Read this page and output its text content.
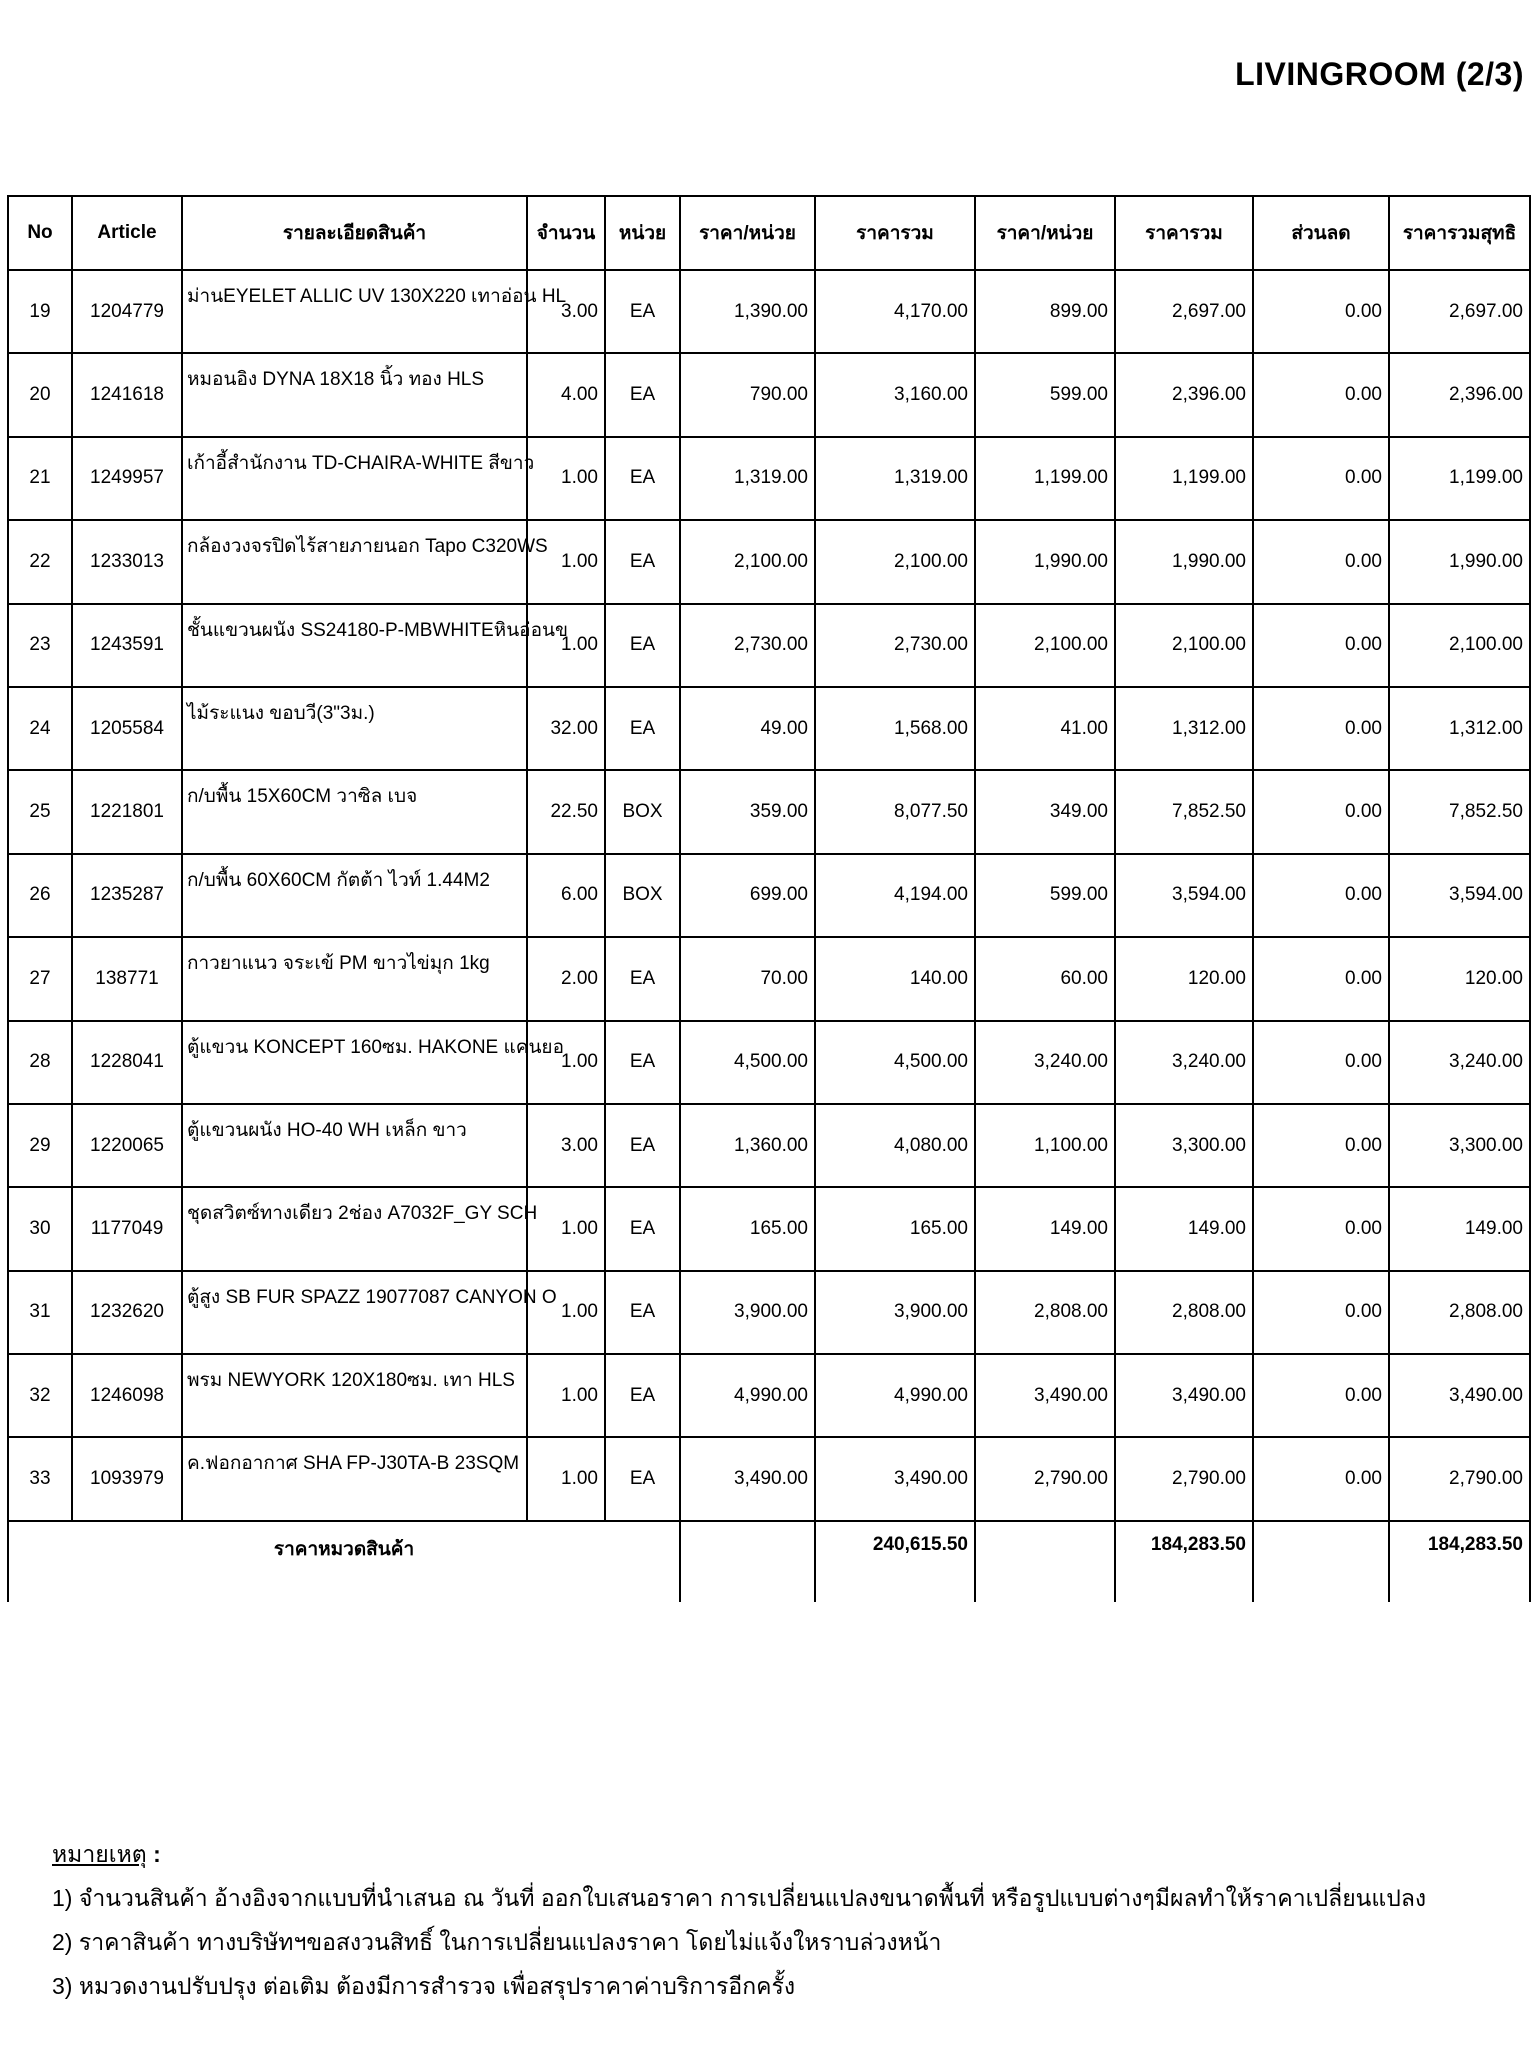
LIVINGROOM (2/3)
No	Article	รายละเอียดสินค้า	จำนวน	หน่วย	ราคา/หน่วย	ราคารวม	ราคา/หน่วย	ราคารวม	ส่วนลด	ราคารวมสุทธิ
19	1204779	ม่านEYELET ALLIC UV 130X220 เทาอ่อน HL	3.00	EA	1,390.00	4,170.00	899.00	2,697.00	0.00	2,697.00
20	1241618	หมอนอิง DYNA 18X18 นิ้ว ทอง HLS	4.00	EA	790.00	3,160.00	599.00	2,396.00	0.00	2,396.00
21	1249957	เก้าอี้สำนักงาน TD-CHAIRA-WHITE สีขาว	1.00	EA	1,319.00	1,319.00	1,199.00	1,199.00	0.00	1,199.00
22	1233013	กล้องวงจรปิดไร้สายภายนอก Tapo C320WS	1.00	EA	2,100.00	2,100.00	1,990.00	1,990.00	0.00	1,990.00
23	1243591	ชั้นแขวนผนัง SS24180-P-MBWHITEหินอ่อนข	1.00	EA	2,730.00	2,730.00	2,100.00	2,100.00	0.00	2,100.00
24	1205584	ไม้ระแนง ขอบวี(3"3ม.)	32.00	EA	49.00	1,568.00	41.00	1,312.00	0.00	1,312.00
25	1221801	ก/บพื้น 15X60CM วาซิล เบจ	22.50	BOX	359.00	8,077.50	349.00	7,852.50	0.00	7,852.50
26	1235287	ก/บพื้น 60X60CM กัตต้า ไวท์ 1.44M2	6.00	BOX	699.00	4,194.00	599.00	3,594.00	0.00	3,594.00
27	138771	กาวยาแนว จระเข้ PM ขาวไข่มุก 1kg	2.00	EA	70.00	140.00	60.00	120.00	0.00	120.00
28	1228041	ตู้แขวน KONCEPT 160ซม. HAKONE แคนยอ	1.00	EA	4,500.00	4,500.00	3,240.00	3,240.00	0.00	3,240.00
29	1220065	ตู้แขวนผนัง HO-40 WH เหล็ก ขาว	3.00	EA	1,360.00	4,080.00	1,100.00	3,300.00	0.00	3,300.00
30	1177049	ชุดสวิตซ์ทางเดียว 2ช่อง A7032F_GY SCH	1.00	EA	165.00	165.00	149.00	149.00	0.00	149.00
31	1232620	ตู้สูง SB FUR SPAZZ 19077087 CANYON O	1.00	EA	3,900.00	3,900.00	2,808.00	2,808.00	0.00	2,808.00
32	1246098	พรม NEWYORK 120X180ซม. เทา HLS	1.00	EA	4,990.00	4,990.00	3,490.00	3,490.00	0.00	3,490.00
33	1093979	ค.ฟอกอากาศ SHA FP-J30TA-B 23SQM	1.00	EA	3,490.00	3,490.00	2,790.00	2,790.00	0.00	2,790.00
ราคาหมวดสินค้า						240,615.50		184,283.50		184,283.50
หมายเหตุ :
1) จำนวนสินค้า อ้างอิงจากแบบที่นำเสนอ ณ วันที่ ออกใบเสนอราคา การเปลี่ยนแปลงขนาดพื้นที่ หรือรูปแบบต่างๆมีผลทำให้ราคาเปลี่ยนแปลง
2) ราคาสินค้า ทางบริษัทฯขอสงวนสิทธิ์ ในการเปลี่ยนแปลงราคา โดยไม่แจ้งใหราบล่วงหน้า
3) หมวดงานปรับปรุง ต่อเติม ต้องมีการสำรวจ เพื่อสรุปราคาค่าบริการอีกครั้ง
